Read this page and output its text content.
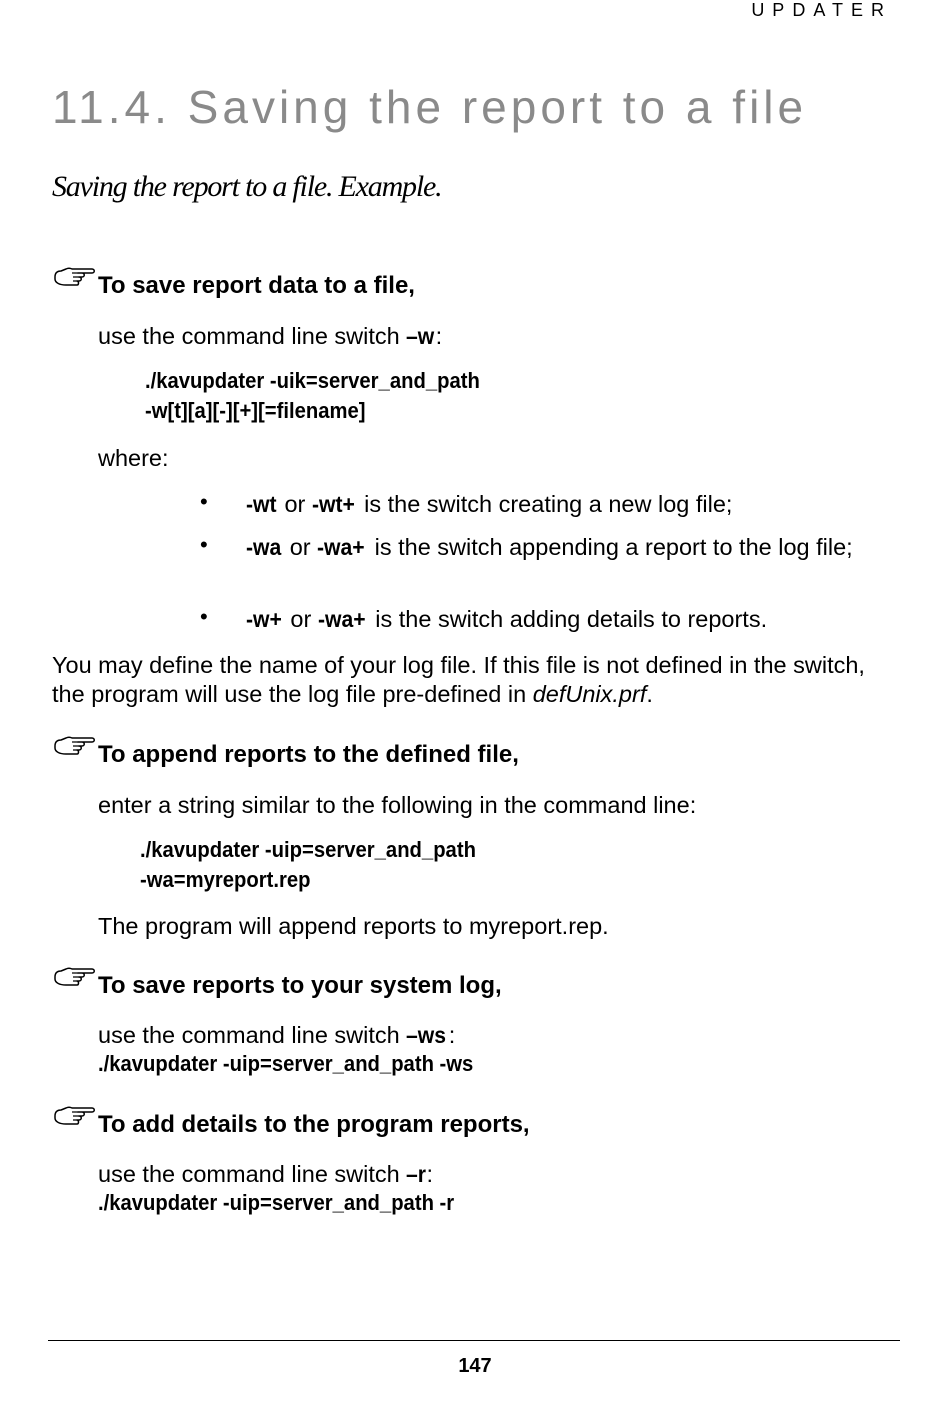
UPDATER
11.4. Saving the report to a file
Saving the report to a file. Example.
To save report data to a file,
use the command line switch –w:
./kavupdater -uik=server_and_path
-w[t][a][-][+][=filename]
where:
•	-wt or -wt+ is the switch creating a new log file;
•	-wa or -wa+ is the switch appending a report to the log file;
•	-w+ or -wa+ is the switch adding details to reports.
You may define the name of your log file. If this file is not defined in the switch, the program will use the log file pre-defined in defUnix.prf.
To append reports to the defined file,
enter a string similar to the following in the command line:
./kavupdater -uip=server_and_path
-wa=myreport.rep
The program will append reports to myreport.rep.
To save reports to your system log,
use the command line switch –ws :
./kavupdater -uip=server_and_path -ws
To add details to the program reports,
use the command line switch –r:
./kavupdater -uip=server_and_path -r
147
